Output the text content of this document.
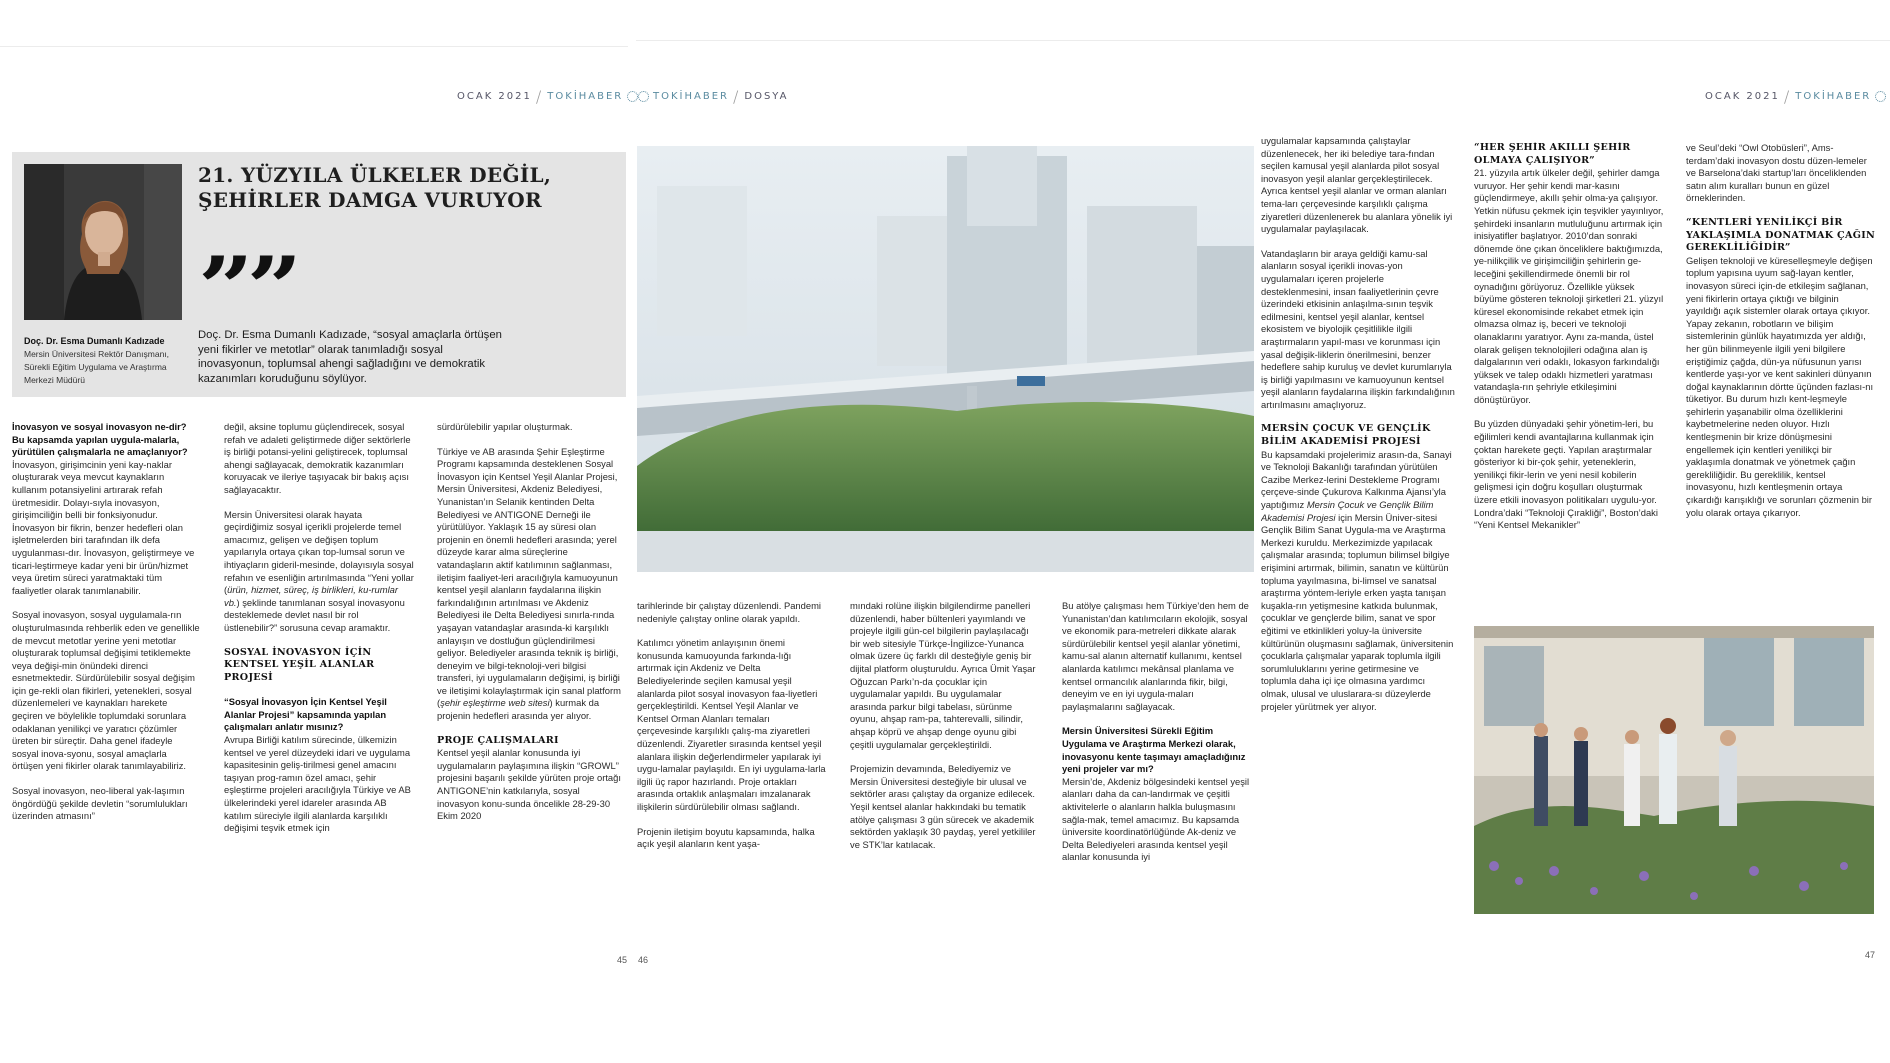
OCAK 2021 / TOKİHABER	TOKİHABER / DOSYA	OCAK 2021 / TOKİHABER
21. YÜZYILA ÜLKELER DEĞİL,
ŞEHİRLER DAMGA VURUYOR
””
Doç. Dr. Esma Dumanlı Kadızade, “sosyal amaçlarla örtüşen yeni fikirler ve metotlar” olarak tanımladığı sosyal inovasyonun, toplumsal ahengi sağladığını ve demokratik kazanımları koruduğunu söylüyor.
Doç. Dr. Esma Dumanlı Kadızade
Mersin Üniversitesi Rektör Danışmanı, Sürekli Eğitim Uygulama ve Araştırma Merkezi Müdürü

İnovasyon ve sosyal inovasyon ne-dir? Bu kapsamda yapılan uygula-malarla, yürütülen çalışmalarla ne amaçlanıyor?

İnovasyon, girişimcinin yeni kay-naklar oluşturarak veya mevcut kaynakların kullanım potansiyelini artırarak refah üretmesidir. Dolayı-sıyla inovasyon, girişimciliğin belli bir fonksiyonudur. İnovasyon bir fikrin, benzer hedefleri olan işletmelerden biri tarafından ilk defa uygulanması-dır. İnovasyon, geliştirmeye ve ticari-leştirmeye kadar yeni bir ürün/hizmet veya üretim süreci yaratmaktaki tüm faaliyetler olarak tanımlanabilir.

Sosyal inovasyon, sosyal uygulamala-rın oluşturulmasında rehberlik eden ve genellikle de mevcut metotlar yerine yeni metotlar oluşturarak toplumsal değişimi tetiklemekte veya değişi-min önündeki direnci esnetmektedir. Sürdürülebilir sosyal değişim için ge-rekli olan fikirleri, yetenekleri, sosyal düzenlemeleri ve kaynakları harekete geçiren ve böylelikle toplumdaki sorunlara odaklanan yenilikçi ve yaratıcı çözümler üreten bir süreçtir. Daha genel ifadeyle sosyal inova-syonu, sosyal amaçlarla örtüşen yeni fikirler olarak tanımlayabiliriz.

Sosyal inovasyon, neo-liberal yak-laşımın öngördüğü şekilde devletin “sorumlulukları üzerinden atmasını”

değil, aksine toplumu güçlendirecek, sosyal refah ve adaleti geliştirmede diğer sektörlerle iş birliği potansi-yelini geliştirecek, toplumsal ahengi sağlayacak, demokratik kazanımları koruyacak ve ileriye taşıyacak bir bakış açısı sağlayacaktır.

Mersin Üniversitesi olarak hayata geçirdiğimiz sosyal içerikli projelerde temel amacımız, gelişen ve değişen toplum yapılarıyla ortaya çıkan top-lumsal sorun ve ihtiyaçların gideril-mesinde, dolayısıyla sosyal refahın ve esenliğin artırılmasında “Yeni yollar (ürün, hizmet, süreç, iş birlikleri, ku-rumlar vb.) şeklinde tanımlanan sosyal inovasyonu desteklemede devlet nasıl bir rol üstlenebilir?” sorusuna cevap aramaktır.

SOSYAL İNOVASYON İÇİN KENTSEL YEŞİL ALANLAR PROJESİ

“Sosyal İnovasyon İçin Kentsel Yeşil Alanlar Projesi” kapsamında yapılan çalışmaları anlatır mısınız?

Avrupa Birliği katılım sürecinde, ülkemizin kentsel ve yerel düzeydeki idari ve uygulama kapasitesinin geliş-tirilmesi genel amacını taşıyan prog-ramın özel amacı, şehir eşleştirme projeleri aracılığıyla Türkiye ve AB ülkelerindeki yerel idareler arasında AB katılım süreciyle ilgili alanlarda karşılıklı değişimi teşvik etmek için

sürdürülebilir yapılar oluşturmak.

Türkiye ve AB arasında Şehir Eşleştirme Programı kapsamında desteklenen Sosyal İnovasyon için Kentsel Yeşil Alanlar Projesi, Mersin Üniversitesi, Akdeniz Belediyesi, Yunanistan’ın Selanik kentinden Delta Belediyesi ve ANTIGONE Derneği ile yürütülüyor. Yaklaşık 15 ay süresi olan projenin en önemli hedefleri arasında; yerel düzeyde karar alma süreçlerine vatandaşların aktif katılımının sağlanması, iletişim faaliyet-leri aracılığıyla kamuoyunun kentsel yeşil alanların faydalarına ilişkin farkındalığının artırılması ve Akdeniz Belediyesi ile Delta Belediyesi sınırla-rında yaşayan vatandaşlar arasında-ki karşılıklı anlayışın ve dostluğun güçlendirilmesi geliyor. Belediyeler arasında teknik iş birliği, deneyim ve bilgi-teknoloji-veri bilgisi transferi, iyi uygulamaların değişimi, iş birliği ve iletişimi kolaylaştırmak için sanal platform (şehir eşleştirme web sitesi) kurmak da projenin hedefleri arasında yer alıyor.

PROJE ÇALIŞMALARI

Kentsel yeşil alanlar konusunda iyi uygulamaların paylaşımına ilişkin “GROWL” projesini başarılı şekilde yürüten proje ortağı ANTIGONE’nin katkılarıyla, sosyal inovasyon konu-sunda öncelikle 28-29-30 Ekim 2020

45

tarihlerinde bir çalıştay düzenlendi. Pandemi nedeniyle çalıştay online olarak yapıldı.

Katılımcı yönetim anlayışının önemi konusunda kamuoyunda farkında-lığı artırmak için Akdeniz ve Delta Belediyelerinde seçilen kamusal yeşil alanlarda pilot sosyal inovasyon faa-liyetleri gerçekleştirildi. Kentsel Yeşil Alanlar ve Kentsel Orman Alanları temaları çerçevesinde karşılıklı çalış-ma ziyaretleri düzenlendi. Ziyaretler sırasında kentsel yeşil alanlara ilişkin değerlendirmeler yapılarak iyi uygu-lamalar paylaşıldı. En iyi uygulama-larla ilgili üç rapor hazırlandı. Proje ortakları arasında ortaklık anlaşmaları imzalanarak ilişkilerin sürdürülebilir olması sağlandı.

Projenin iletişim boyutu kapsamında, halka açık yeşil alanların kent yaşa-

mındaki rolüne ilişkin bilgilendirme panelleri düzenlendi, haber bültenleri yayımlandı ve projeyle ilgili gün-cel bilgilerin paylaşılacağı bir web sitesiyle Türkçe-İngilizce-Yunanca olmak üzere üç farklı dil desteğiyle geniş bir dijital platform oluşturuldu. Ayrıca Ümit Yaşar Oğuzcan Parkı’n-da çocuklar için uygulamalar yapıldı. Bu uygulamalar arasında parkur bilgi tabelası, sürünme oyunu, ahşap ram-pa, tahterevalli, silindir, ahşap köprü ve ahşap denge oyunu gibi çeşitli uygulamalar gerçekleştirildi.

Projemizin devamında, Belediyemiz ve Mersin Üniversitesi desteğiyle bir ulusal ve sektörler arası çalıştay da organize edilecek. Yeşil kentsel alanlar hakkındaki bu tematik atölye çalışması 3 gün sürecek ve akademik sektörden yaklaşık 30 paydaş, yerel yetkililer ve STK’lar katılacak.

Bu atölye çalışması hem Türkiye’den hem de Yunanistan’dan katılımcıların ekolojik, sosyal ve ekonomik para-metreleri dikkate alarak sürdürülebilir kentsel yeşil alanlar yönetimi, kamu-sal alanın alternatif kullanımı, kentsel alanlarda katılımcı mekânsal planlama ve kentsel ormancılık alanlarında fikir, bilgi, deneyim ve en iyi uygula-maları paylaşmalarını sağlayacak.

Mersin Üniversitesi Sürekli Eğitim Uygulama ve Araştırma Merkezi olarak, inovasyonu kente taşımayı amaçladığınız yeni projeler var mı?

Mersin’de, Akdeniz bölgesindeki kentsel yeşil alanları daha da can-landırmak ve çeşitli aktivitelerle o alanların halkla buluşmasını sağla-mak, temel amacımız. Bu kapsamda üniversite koordinatörlüğünde Ak-deniz ve Delta Belediyeleri arasında kentsel yeşil alanlar konusunda iyi

uygulamalar kapsamında çalıştaylar düzenlenecek, her iki belediye tara-fından seçilen kamusal yeşil alanlarda pilot sosyal inovasyon yeşil alanlar gerçekleştirilecek. Ayrıca kentsel yeşil alanlar ve orman alanları tema-ları çerçevesinde karşılıklı çalışma ziyaretleri düzenlenerek bu alanlara yönelik iyi uygulamalar paylaşılacak.

Vatandaşların bir araya geldiği kamu-sal alanların sosyal içerikli inovas-yon uygulamaları içeren projelerle desteklenmesini, insan faaliyetlerinin çevre üzerindeki etkisinin anlaşılma-sının teşvik edilmesini, kentsel yeşil alanlar, kentsel ekosistem ve biyolojik çeşitlilikle ilgili araştırmaların yapıl-ması ve korunması için yasal değişik-liklerin önerilmesini, benzer hedeflere sahip kuruluş ve devlet kurumlarıyla iş birliği yapılmasını ve kamuoyunun kentsel yeşil alanların faydalarına ilişkin farkındalığının artırılmasını amaçlıyoruz.

MERSİN ÇOCUK VE GENÇLİK BİLİM AKADEMİSİ PROJESİ

Bu kapsamdaki projelerimiz arasın-da, Sanayi ve Teknoloji Bakanlığı tarafından yürütülen Cazibe Merkez-lerini Destekleme Programı çerçeve-sinde Çukurova Kalkınma Ajansı’yla yaptığımız Mersin Çocuk ve Gençlik Bilim Akademisi Projesi için Mersin Üniver-sitesi Gençlik Bilim Sanat Uygula-ma ve Araştırma Merkezi kuruldu. Merkezimizde yapılacak çalışmalar arasında; toplumun bilimsel bilgiye erişimini artırmak, bilimin, sanatın ve kültürün topluma yayılmasına, bi-limsel ve sanatsal araştırma yöntem-leriyle erken yaşta tanışan kuşakla-rın yetişmesine katkıda bulunmak, çocuklar ve gençlerde bilim, sanat ve spor eğitimi ve etkinlikleri yoluy-la üniversite kültürünün oluşmasını sağlamak, üniversitenin çocuklarla çalışmalar yaparak toplumla ilgili sorumluluklarını yerine getirmesine ve toplumla daha içi içe olmasına yardımcı olmak, ulusal ve uluslarara-sı düzeylerde projeler yürütmek yer alıyor.

46

“HER ŞEHİR AKILLI ŞEHİR OLMAYA ÇALIŞIYOR”

21. yüzyıla artık ülkeler değil, şehirler damga vuruyor. Her şehir kendi mar-kasını güçlendirmeye, akıllı şehir olma-ya çalışıyor. Yetkin nüfusu çekmek için teşvikler yayınlıyor, şehirdeki insanların mutluluğunu artırmak için inisiyatifler başlatıyor. 2010’dan sonraki dönemde öne çıkan önceliklere baktığımızda, ye-nilikçilik ve girişimciliğin şehirlerin ge-leceğini şekillendirmede önemli bir rol oynadığını görüyoruz. Özellikle yüksek büyüme gösteren teknoloji şirketleri 21. yüzyıl küresel ekonomisinde rekabet etmek için olmazsa olmaz iş, beceri ve teknoloji olanaklarını yaratıyor. Aynı za-manda, üstel olarak gelişen teknolojileri odağına alan iş dalgalarının veri odaklı, lokasyon farkındalığı yüksek ve talep odaklı hizmetleri yaratması vatandaşla-rın şehriyle etkileşimini dönüştürüyor.

Bu yüzden dünyadaki şehir yönetim-leri, bu eğilimleri kendi avantajlarına kullanmak için çoktan harekete geçti. Yapılan araştırmalar gösteriyor ki bir-çok şehir, yeteneklerin, yenilikçi fikir-lerin ve yeni nesil kobilerin gelişmesi için doğru koşulları oluşturmak üzere etkili inovasyon politikaları uygulu-yor. Londra’daki “Teknoloji Çırakliği”, Boston’daki “Yeni Kentsel Mekanikler”

ve Seul’deki “Owl Otobüsleri”, Ams-terdam’daki inovasyon dostu düzen-lemeler ve Barselona’daki startup’ları önceliklenden satın alım kuralları bunun en güzel örneklerinden.

“KENTLERİ YENİLİKÇİ BİR YAKLAŞIMLA DONATMAK ÇAĞIN GEREKLİLİĞİDİR”

Gelişen teknoloji ve küreselleşmeyle değişen toplum yapısına uyum sağ-layan kentler, inovasyon süreci için-de etkileşim sağlanan, yeni fikirlerin ortaya çıktığı ve bilginin yayıldığı açık sistemler olarak ortaya çıkıyor. Yapay zekanın, robotların ve bilişim sistemlerinin günlük hayatımızda yer aldığı, her gün bilinmeyenle ilgili yeni bilgilere eriştiğimiz çağda, dün-ya nüfusunun yarısı kentlerde yaşı-yor ve kent sakinleri dünyanın doğal kaynaklarının dörtte üçünden fazlası-nı tüketiyor. Bu durum hızlı kent-leşmeyle şehirlerin yaşanabilir olma özelliklerini kaybetmelerine neden oluyor. Hızlı kentleşmenin bir krize dönüşmesini engellemek için kentleri yenilikçi bir yaklaşımla donatmak ve yönetmek çağın gerekliliğidir. Bu gereklilik, kentsel inovasyonu, hızlı kentleşmenin ortaya çıkardığı karışıklığı ve sorunları çözmenin bir yolu olarak ortaya çıkarıyor.

47
